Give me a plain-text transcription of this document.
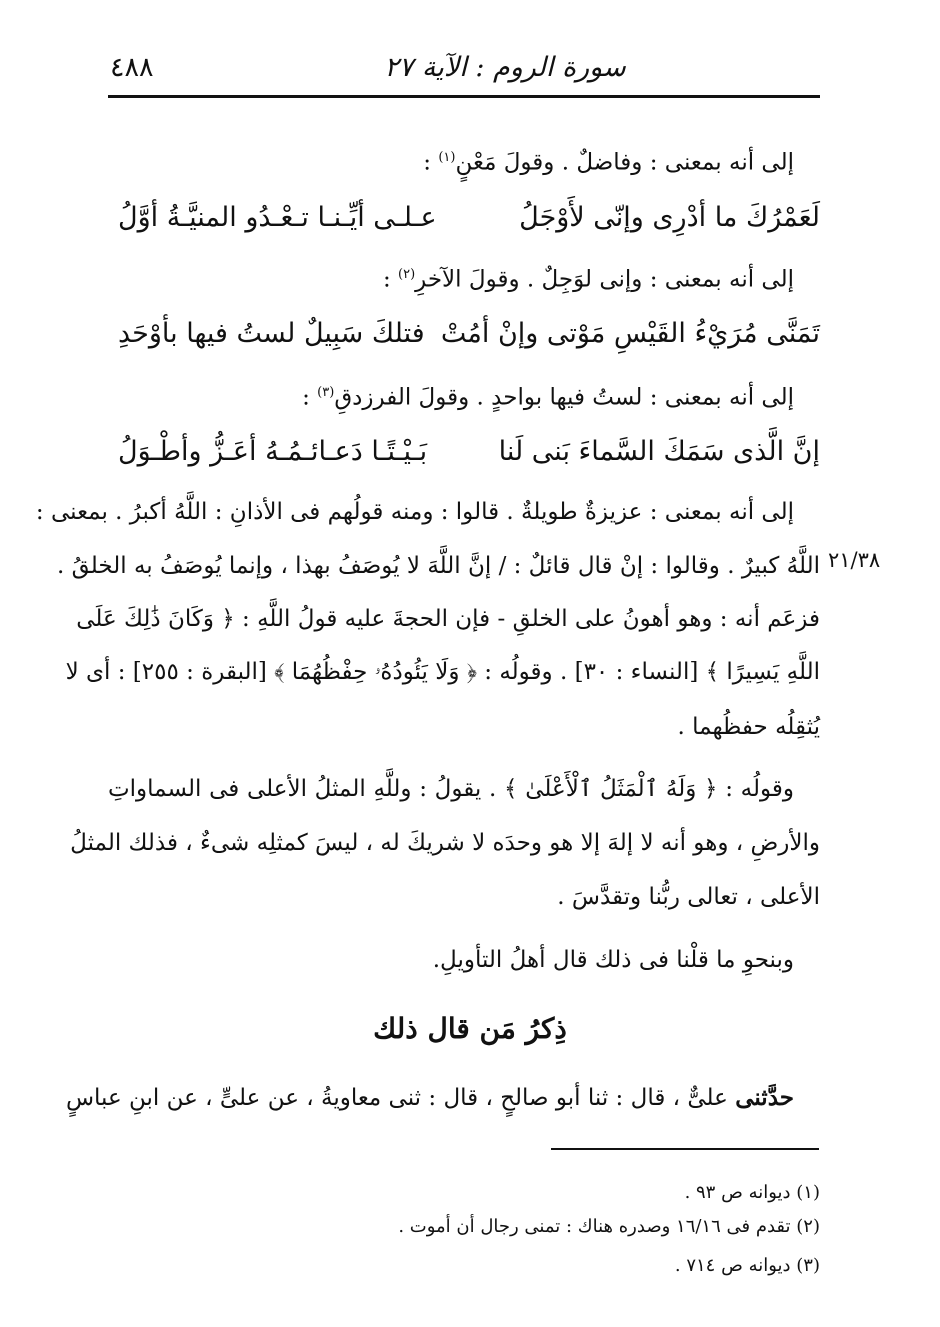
٤٨٨	سورة الروم : الآية ٢٧
إلى أنه بمعنى : وفاضلٌ . وقولَ مَعْنٍ$^{(١)}$ :
لَعَمْرُكَ ما أدْرِى وإنّى لأَوْجَلُ
عـلـى أيِّـنـا تـعْـدُو المنيَّـةُ أوَّلُ
إلى أنه بمعنى : وإنى لوَجِلٌ . وقولَ الآخرِ$^{(٢)}$ :
تَمَنَّى مُرَيْءُ القَيْسِ مَوْتى وإنْ أمُتْ
فتلكَ سَبِيلٌ لستُ فيها بأوْحَدِ
إلى أنه بمعنى : لستُ فيها بواحدٍ . وقولَ الفرزدقِ$^{(٣)}$ :
إنَّ الَّذى سَمَكَ السَّماءَ بَنى لَنا
بَـيْـتًـا دَعـائـمُـهُ أعَـزُّ وأطْـوَلُ
إلى أنه بمعنى : عزيزةٌ طويلةٌ . قالوا : ومنه قولُهم فى الأذانِ : اللَّهُ أكبرُ . بمعنى :
٢١/٣٨
اللَّهُ كبيرٌ . وقالوا : إنْ قال قائلٌ : / إنَّ اللَّهَ لا يُوصَفُ بهذا ، وإنما يُوصَفُ به الخلقُ .
فزعَم أنه : وهو أهونُ على الخلقِ - فإن الحجةَ عليه قولُ اللَّهِ : ﴿ وَكَانَ ذَٰلِكَ عَلَى
اللَّهِ يَسِيرًا ﴾ [النساء : ٣٠] . وقولُه : ﴿ وَلَا يَئُودُهُۥ حِفْظُهُمَا ﴾ [البقرة : ٢٥٥] : أى لا
يُثقِلُه حفظُهما .
وقولُه : ﴿ وَلَهُ ٱلْمَثَلُ ٱلْأَعْلَىٰ ﴾ . يقولُ : وللَّهِ المثلُ الأعلى فى السماواتِ
والأرضِ ، وهو أنه لا إلهَ إلا هو وحدَه لا شريكَ له ، ليسَ كمثلِه شىءٌ ، فذلك المثلُ
الأعلى ، تعالى ربُّنا وتقدَّسَ .
وبنحوِ ما قلْنا فى ذلك قال أهلُ التأويلِ.
ذِكرُ مَن قال ذلك
حدَّثنى علىٌّ ، قال : ثنا أبو صالحٍ ، قال : ثنى معاويةُ ، عن علىٍّ ، عن ابنِ عباسٍ
(١) ديوانه ص ٩٣ .
(٢) تقدم فى ١٦/١٦ وصدره هناك : تمنى رجال أن أموت .
(٣) ديوانه ص ٧١٤ .
